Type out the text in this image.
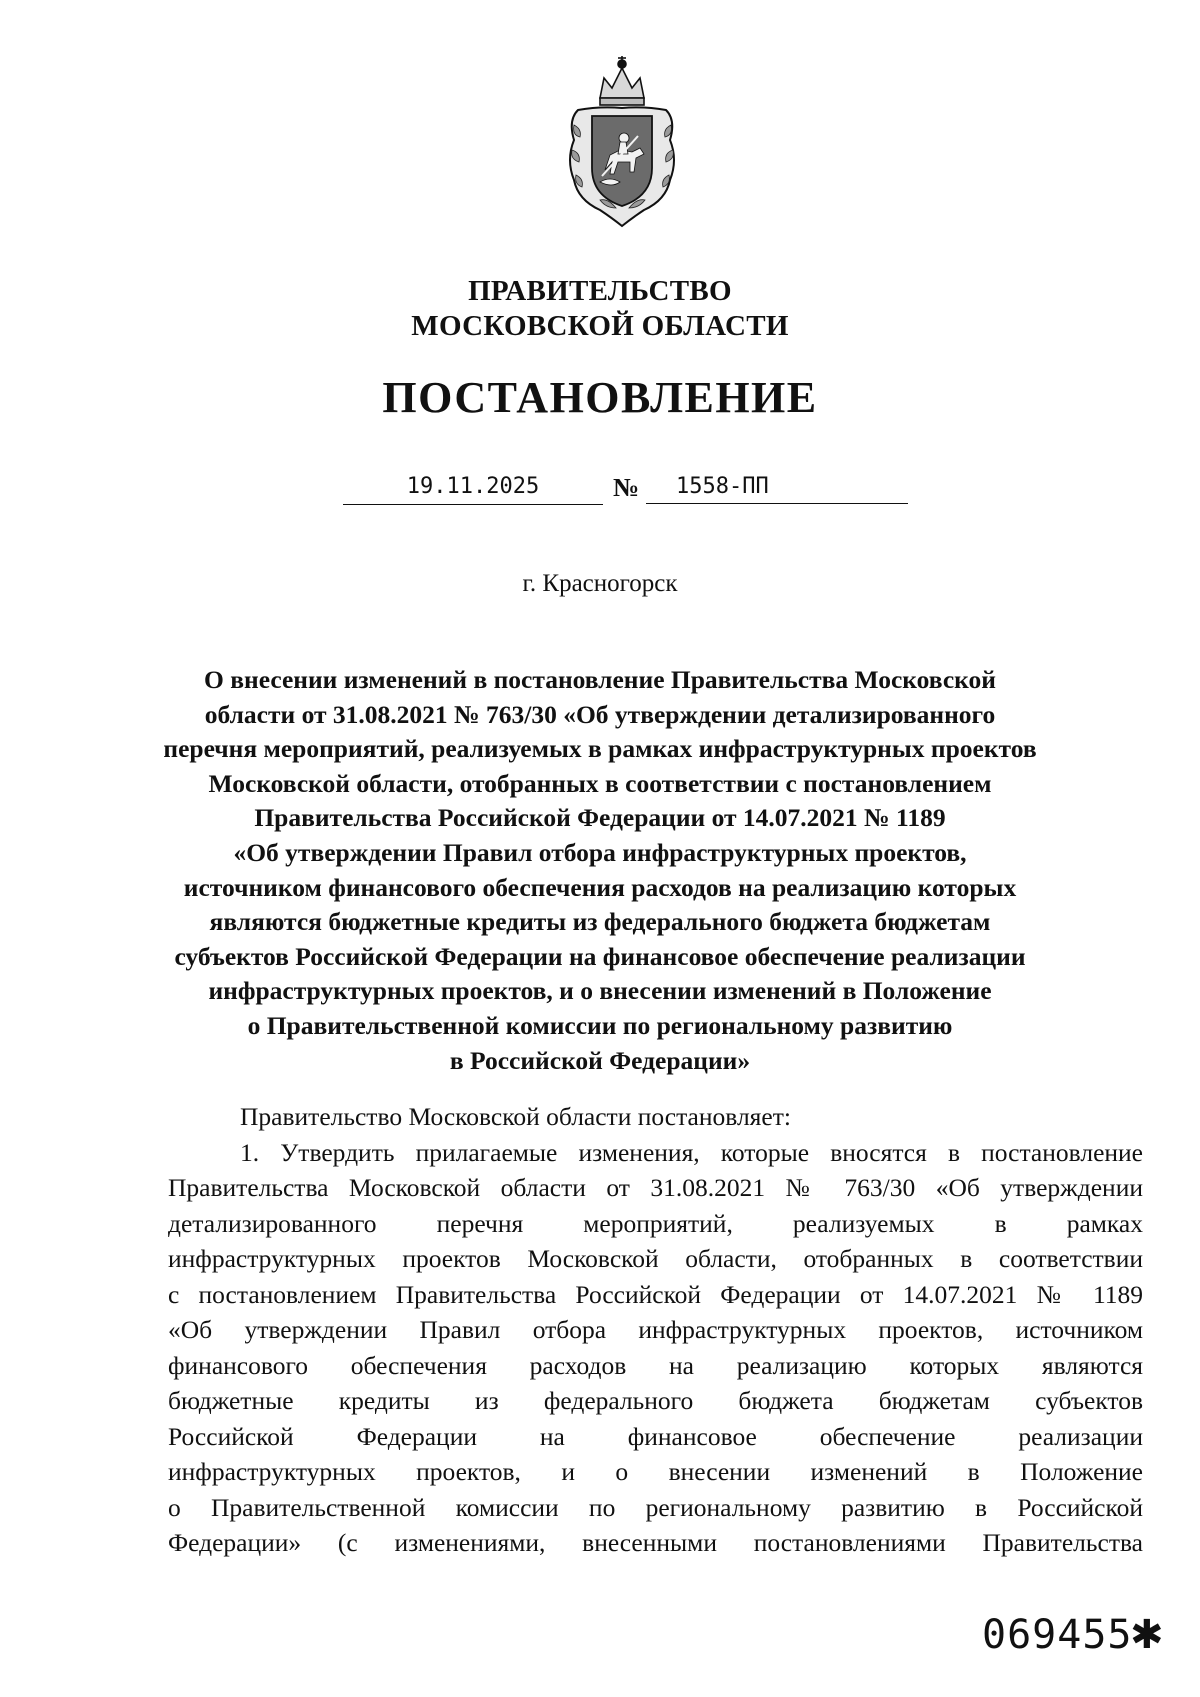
ПРАВИТЕЛЬСТВО
МОСКОВСКОЙ ОБЛАСТИ
ПОСТАНОВЛЕНИЕ
19.11.2025	№	1558-ПП
г. Красногорск
О внесении изменений в постановление Правительства Московской
области от 31.08.2021 № 763/30 «Об утверждении детализированного
перечня мероприятий, реализуемых в рамках инфраструктурных проектов
Московской области, отобранных в соответствии с постановлением
Правительства Российской Федерации от 14.07.2021 № 1189
«Об утверждении Правил отбора инфраструктурных проектов,
источником финансового обеспечения расходов на реализацию которых
являются бюджетные кредиты из федерального бюджета бюджетам
субъектов Российской Федерации на финансовое обеспечение реализации
инфраструктурных проектов, и о внесении изменений в Положение
о Правительственной комиссии по региональному развитию
в Российской Федерации»
Правительство Московской области постановляет:
1. Утвердить прилагаемые изменения, которые вносятся в постановление
Правительства Московской области от 31.08.2021 № 763/30 «Об утверждении
детализированного перечня мероприятий, реализуемых в рамках
инфраструктурных проектов Московской области, отобранных в соответствии
с постановлением Правительства Российской Федерации от 14.07.2021 № 1189
«Об утверждении Правил отбора инфраструктурных проектов, источником
финансового обеспечения расходов на реализацию которых являются
бюджетные кредиты из федерального бюджета бюджетам субъектов
Российской Федерации на финансовое обеспечение реализации
инфраструктурных проектов, и о внесении изменений в Положение
о Правительственной комиссии по региональному развитию в Российской
Федерации» (с изменениями, внесенными постановлениями Правительства
069455
✱
